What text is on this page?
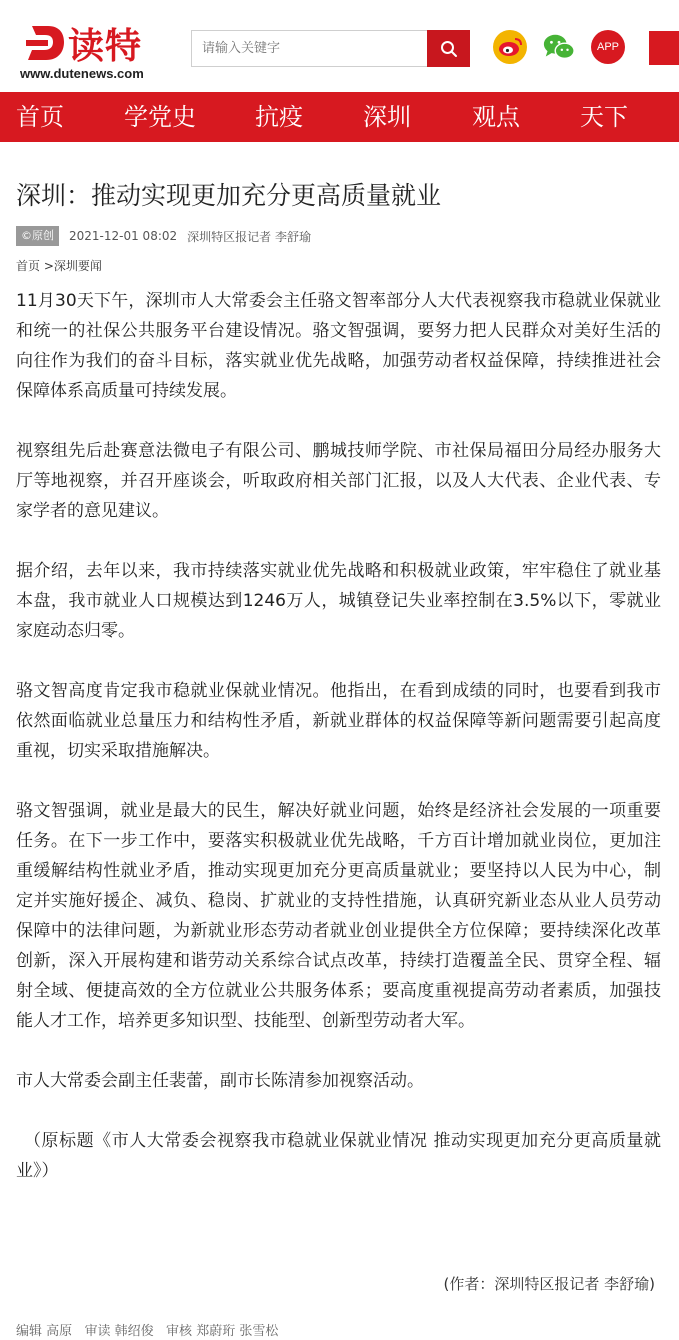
读特
www.dutenews.com
请输入关键字
APP
首页	学党史 抗疫	深圳	观点	天下
深圳：推动实现更加充分更高质量就业
©原创	2021-12-01 08:02 深圳特区报记者 李舒瑜
首页 >深圳要闻

11月30天下午，深圳市人大常委会主任骆文智率部分人大代表视察我市稳就业保就业和统一的社保公共服务平台建设情况。骆文智强调，要努力把人民群众对美好生活的向往作为我们的奋斗目标，落实就业优先战略，加强劳动者权益保障，持续推进社会保障体系高质量可持续发展。

视察组先后赴赛意法微电子有限公司、鹏城技师学院、市社保局福田分局经办服务大厅等地视察，并召开座谈会，听取政府相关部门汇报，以及人大代表、企业代表、专家学者的意见建议。

据介绍，去年以来，我市持续落实就业优先战略和积极就业政策，牢牢稳住了就业基本盘，我市就业人口规模达到1246万人，城镇登记失业率控制在3.5%以下，零就业家庭动态归零。

骆文智高度肯定我市稳就业保就业情况。他指出，在看到成绩的同时，也要看到我市依然面临就业总量压力和结构性矛盾，新就业群体的权益保障等新问题需要引起高度重视，切实采取措施解决。

骆文智强调，就业是最大的民生，解决好就业问题，始终是经济社会发展的一项重要任务。在下一步工作中，要落实积极就业优先战略，千方百计增加就业岗位，更加注重缓解结构性就业矛盾，推动实现更加充分更高质量就业；要坚持以人民为中心，制定并实施好援企、减负、稳岗、扩就业的支持性措施，认真研究新业态从业人员劳动保障中的法律问题，为新就业形态劳动者就业创业提供全方位保障；要持续深化改革创新，深入开展构建和谐劳动关系综合试点改革，持续打造覆盖全民、贯穿全程、辐射全域、便捷高效的全方位就业公共服务体系；要高度重视提高劳动者素质，加强技能人才工作，培养更多知识型、技能型、创新型劳动者大军。

市人大常委会副主任裴蕾，副市长陈清参加视察活动。

（原标题《市人大常委会视察我市稳就业保就业情况 推动实现更加充分更高质量就业》）

(作者：深圳特区报记者 李舒瑜)
编辑 高原   审读 韩绍俊   审核 郑蔚珩 张雪松
